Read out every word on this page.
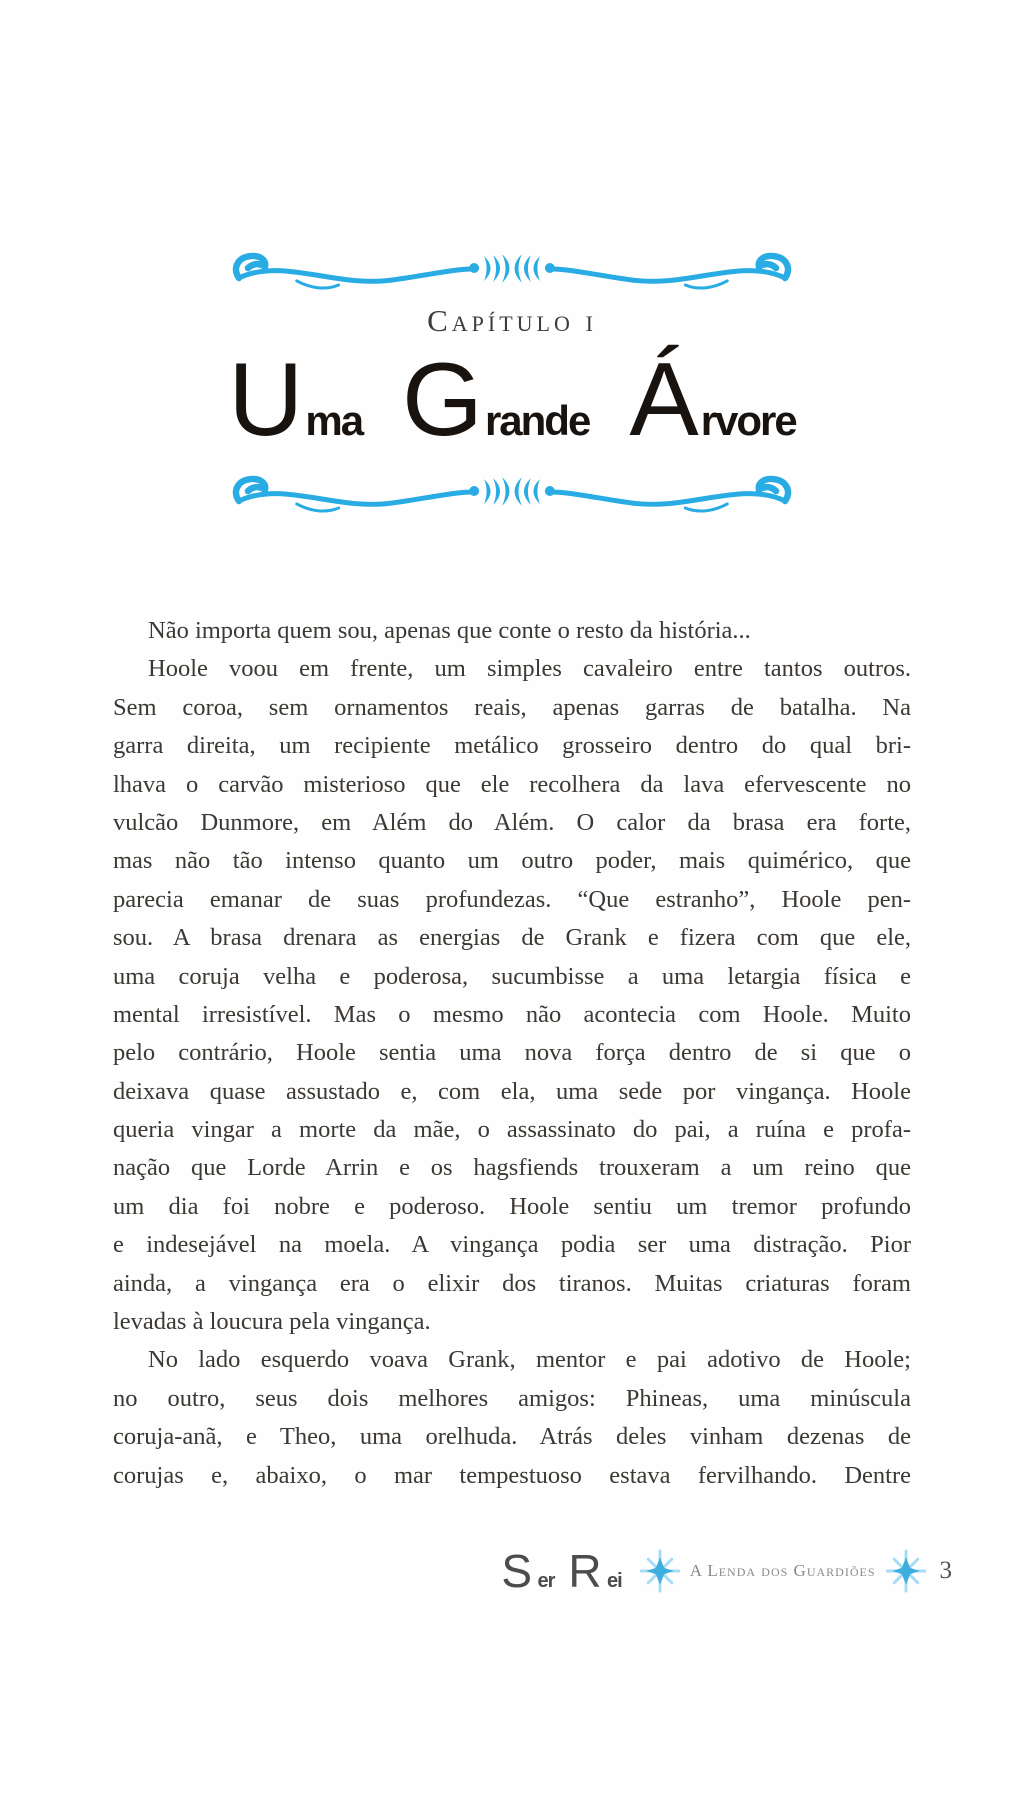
Capítulo i
U ma G rande Á rvore
Não importa quem sou, apenas que conte o resto da história...
Hoole voou em frente, um simples cavaleiro entre tantos outros.
Sem coroa, sem ornamentos reais, apenas garras de batalha. Na
garra direita, um recipiente metálico grosseiro dentro do qual bri-
lhava o carvão misterioso que ele recolhera da lava efervescente no
vulcão Dunmore, em Além do Além. O calor da brasa era forte,
mas não tão intenso quanto um outro poder, mais quimérico, que
parecia emanar de suas profundezas. “Que estranho”, Hoole pen-
sou. A brasa drenara as energias de Grank e fizera com que ele,
uma coruja velha e poderosa, sucumbisse a uma letargia física e
mental irresistível. Mas o mesmo não acontecia com Hoole. Muito
pelo contrário, Hoole sentia uma nova força dentro de si que o
deixava quase assustado e, com ela, uma sede por vingança. Hoole
queria vingar a morte da mãe, o assassinato do pai, a ruína e profa-
nação que Lorde Arrin e os hagsfiends trouxeram a um reino que
um dia foi nobre e poderoso. Hoole sentiu um tremor profundo
e indesejável na moela. A vingança podia ser uma distração. Pior
ainda, a vingança era o elixir dos tiranos. Muitas criaturas foram
levadas à loucura pela vingança.
No lado esquerdo voava Grank, mentor e pai adotivo de Hoole;
no outro, seus dois melhores amigos: Phineas, uma minúscula
coruja-anã, e Theo, uma orelhuda. Atrás deles vinham dezenas de
corujas e, abaixo, o mar tempestuoso estava fervilhando. Dentre
S er R ei	A Lenda dos Guardiões	3
